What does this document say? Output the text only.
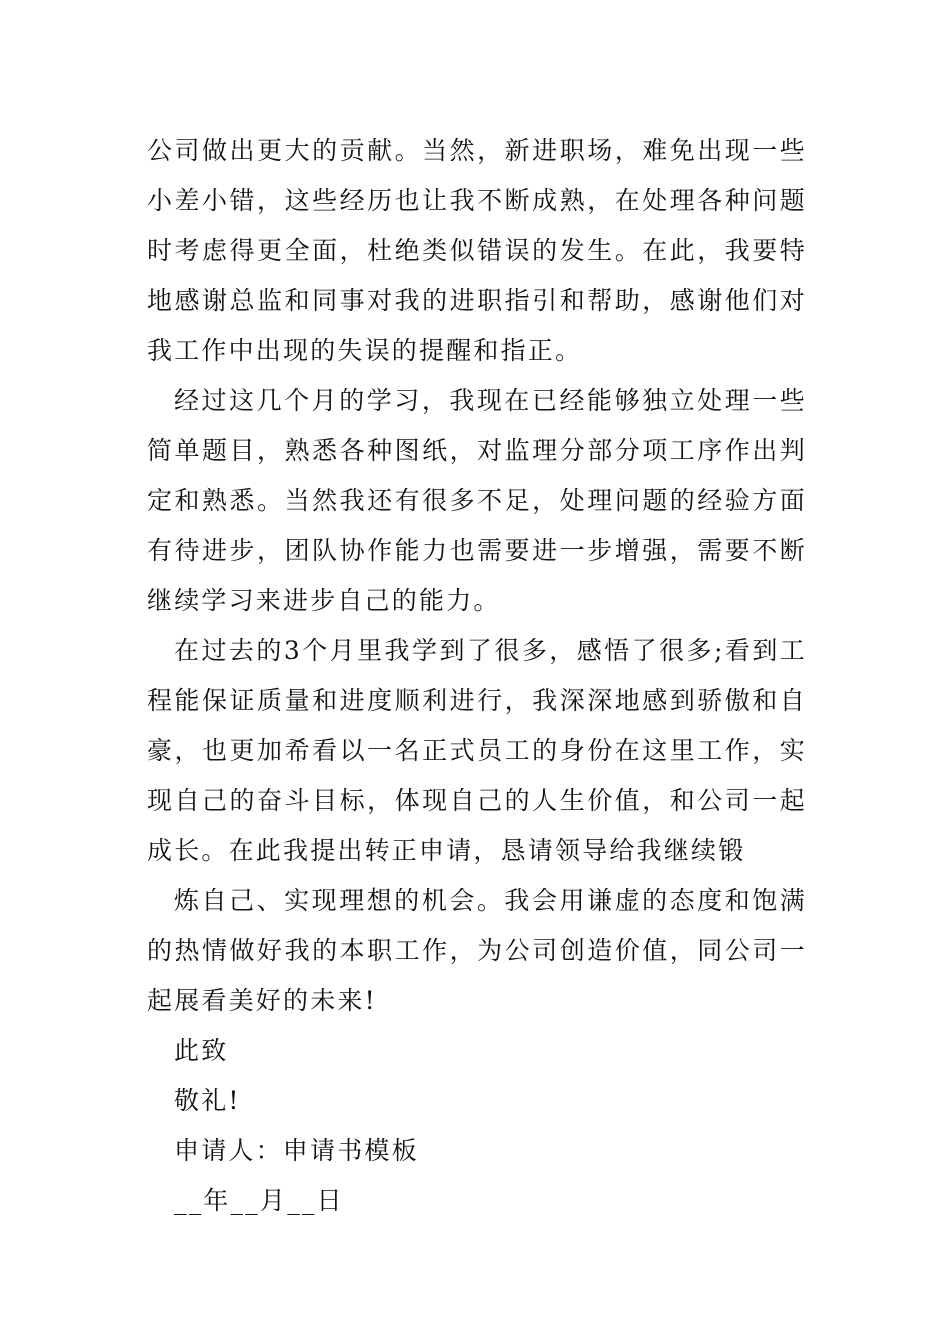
公司做出更大的贡献。当然，新进职场，难免出现一些小差小错，这些经历也让我不断成熟，在处理各种问题时考虑得更全面，杜绝类似错误的发生。在此，我要特地感谢总监和同事对我的进职指引和帮助，感谢他们对我工作中出现的失误的提醒和指正。

经过这几个月的学习，我现在已经能够独立处理一些简单题目，熟悉各种图纸，对监理分部分项工序作出判定和熟悉。当然我还有很多不足，处理问题的经验方面有待进步，团队协作能力也需要进一步增强，需要不断继续学习来进步自己的能力。

在过去的3个月里我学到了很多，感悟了很多;看到工程能保证质量和进度顺利进行，我深深地感到骄傲和自豪，也更加希看以一名正式员工的身份在这里工作，实现自己的奋斗目标，体现自己的人生价值，和公司一起成长。在此我提出转正申请，恳请领导给我继续锻

炼自己、实现理想的机会。我会用谦虚的态度和饱满的热情做好我的本职工作，为公司创造价值，同公司一起展看美好的未来!

此致

敬礼!

申请人：申请书模板

__年__月__日
